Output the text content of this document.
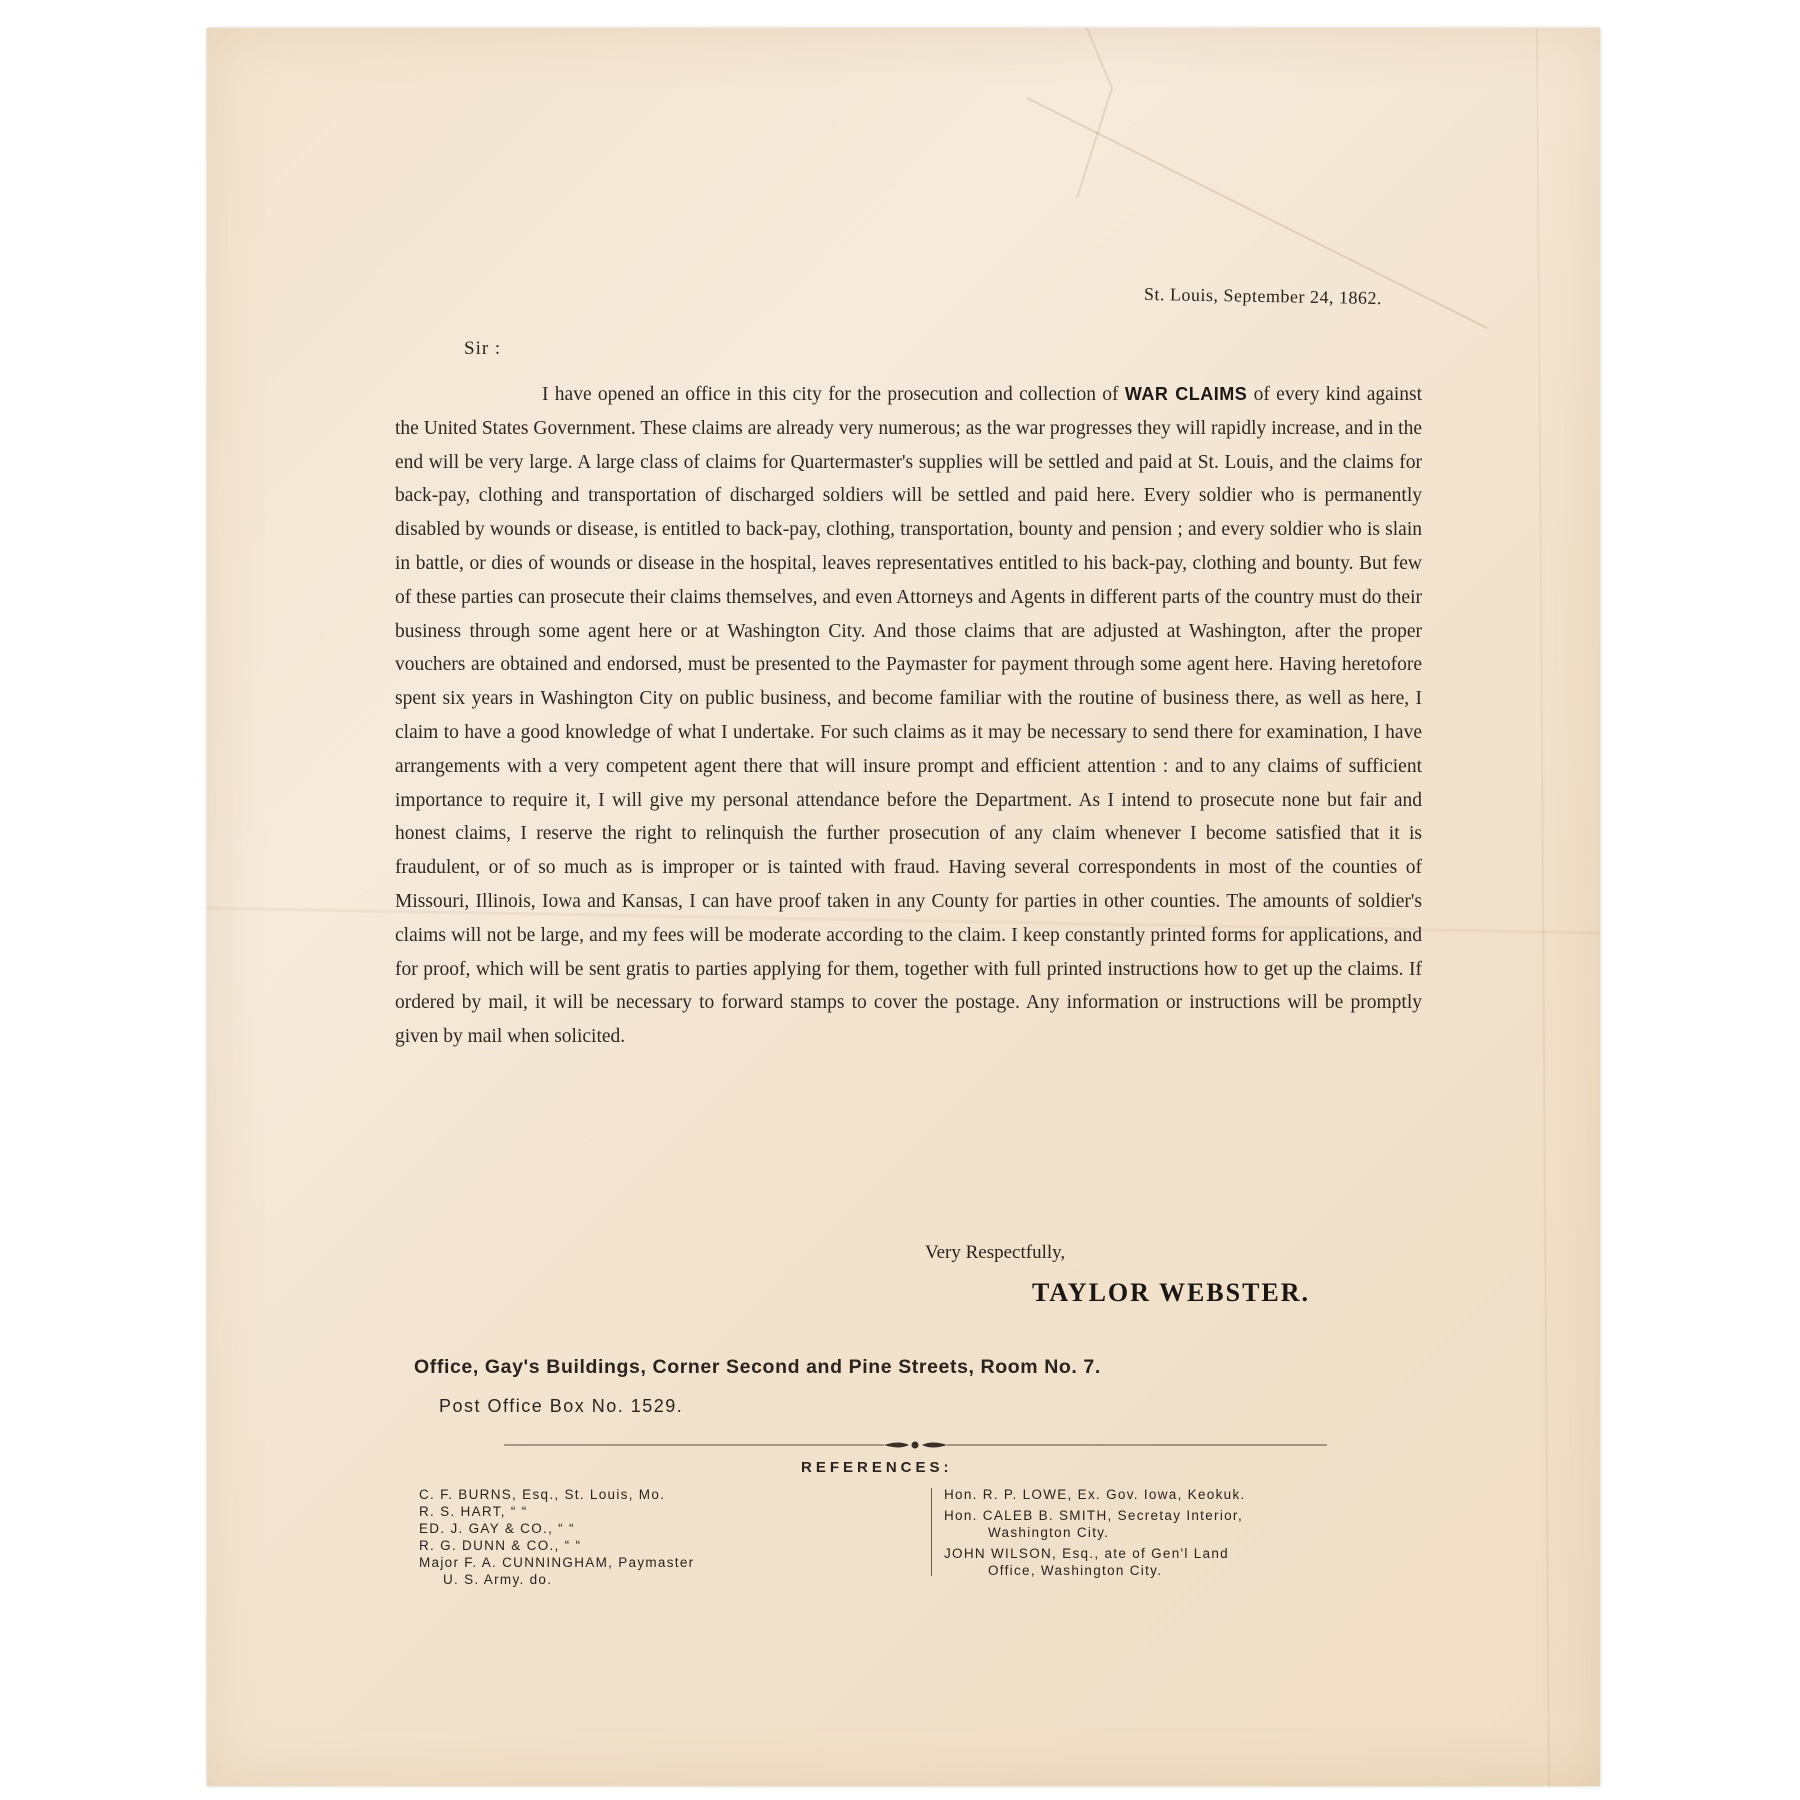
St. Louis, September 24, 1862.
Sir :

I have opened an office in this city for the prosecution and collection of WAR CLAIMS of every kind against the United States Government. These claims are already very numerous; as the war progresses they will rapidly increase, and in the end will be very large. A large class of claims for Quartermaster's supplies will be settled and paid at St. Louis, and the claims for back-pay, clothing and transportation of discharged soldiers will be settled and paid here. Every soldier who is permanently disabled by wounds or disease, is entitled to back-pay, clothing, transportation, bounty and pension ; and every soldier who is slain in battle, or dies of wounds or disease in the hospital, leaves representatives entitled to his back-pay, clothing and bounty. But few of these parties can prosecute their claims themselves, and even Attorneys and Agents in different parts of the country must do their business through some agent here or at Washington City. And those claims that are adjusted at Washington, after the proper vouchers are obtained and endorsed, must be presented to the Paymaster for payment through some agent here. Having heretofore spent six years in Washington City on public business, and become familiar with the routine of business there, as well as here, I claim to have a good knowledge of what I undertake. For such claims as it may be necessary to send there for examination, I have arrangements with a very competent agent there that will insure prompt and efficient attention : and to any claims of sufficient importance to require it, I will give my personal attendance before the Department. As I intend to prosecute none but fair and honest claims, I reserve the right to relinquish the further prosecution of any claim whenever I become satisfied that it is fraudulent, or of so much as is improper or is tainted with fraud. Having several correspondents in most of the counties of Missouri, Illinois, Iowa and Kansas, I can have proof taken in any County for parties in other counties. The amounts of soldier's claims will not be large, and my fees will be moderate according to the claim. I keep constantly printed forms for applications, and for proof, which will be sent gratis to parties applying for them, together with full printed instructions how to get up the claims. If ordered by mail, it will be necessary to forward stamps to cover the postage. Any information or instructions will be promptly given by mail when solicited.

Very Respectfully,
TAYLOR WEBSTER.
Office, Gay's Buildings, Corner Second and Pine Streets, Room No. 7.
Post Office Box No. 1529.
REFERENCES:
C. F. BURNS, Esq., St. Louis, Mo.
R. S. HART, “ “
ED. J. GAY & CO., “ “
R. G. DUNN & CO., “ “
Major F. A. CUNNINGHAM, Paymaster
U. S. Army. do.
Hon. R. P. LOWE, Ex. Gov. Iowa, Keokuk.
Hon. CALEB B. SMITH, Secretay Interior,
Washington City.
JOHN WILSON, Esq., ate of Gen'l Land
Office, Washington City.
